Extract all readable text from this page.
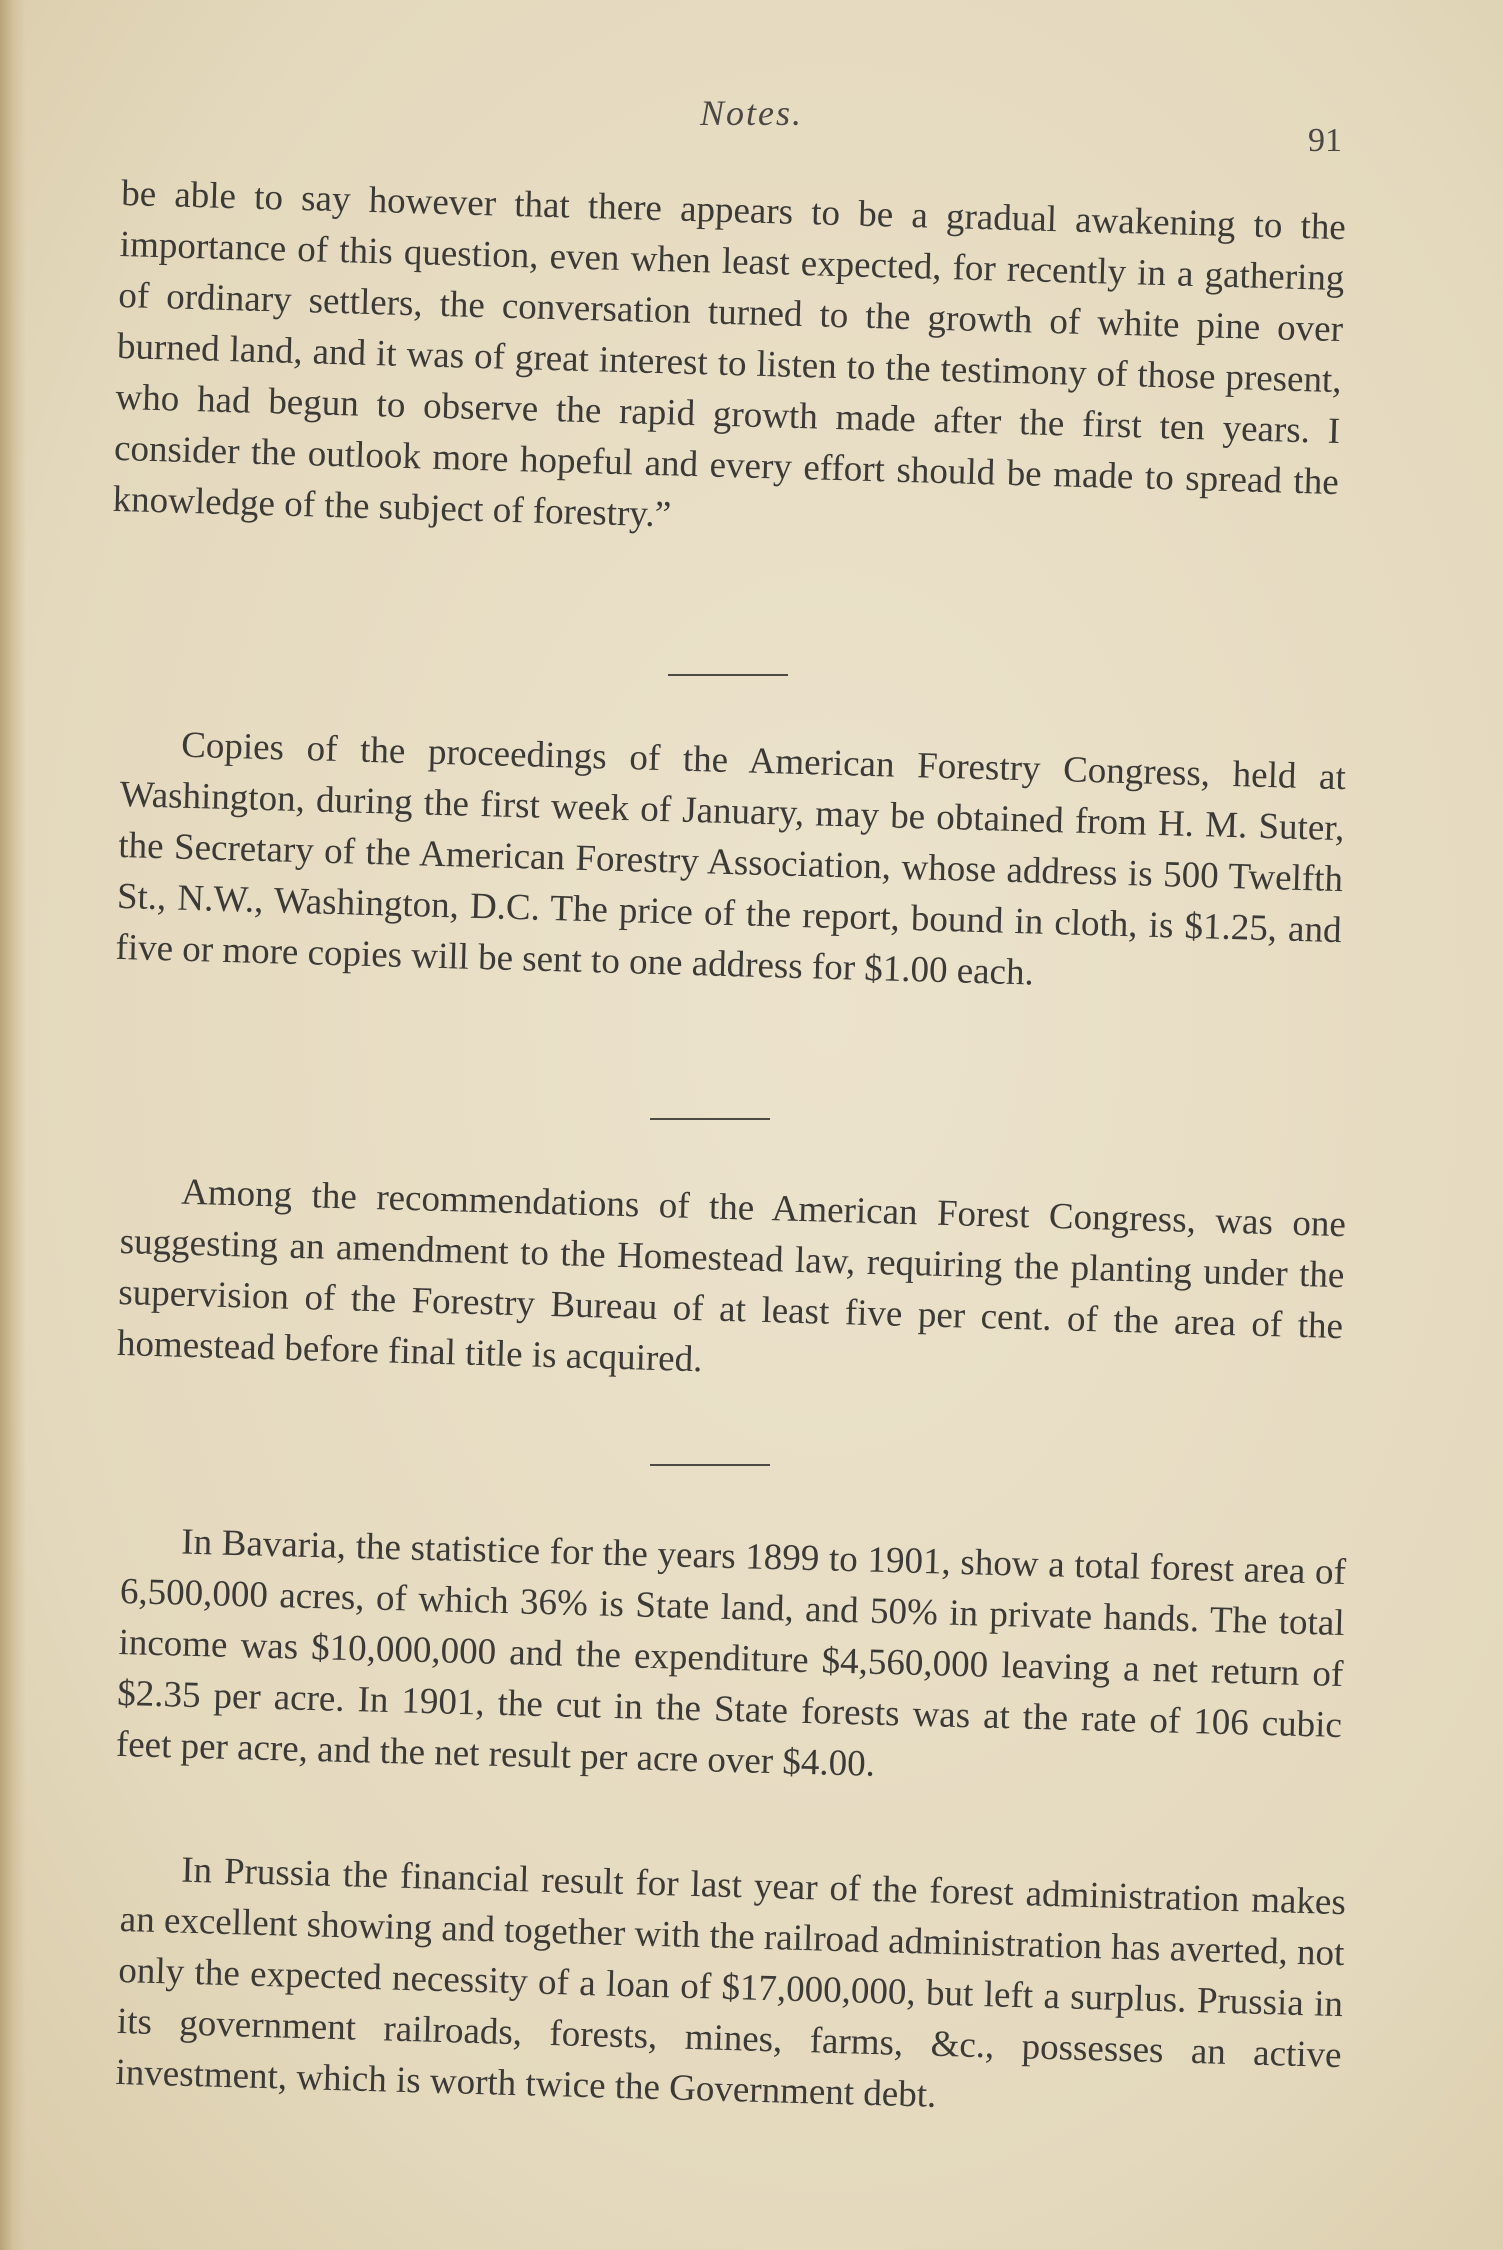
Notes.
91

be able to say however that there appears to be a gradual awakening to the importance of this question, even when least expected, for recently in a gathering of ordinary settlers, the conversation turned to the growth of white pine over burned land, and it was of great interest to listen to the testimony of those present, who had begun to observe the rapid growth made after the first ten years. I consider the outlook more hopeful and every effort should be made to spread the knowledge of the subject of forestry.”

Copies of the proceedings of the American Forestry Congress, held at Washington, during the first week of January, may be obtained from H. M. Suter, the Secretary of the American Forestry Association, whose address is 500 Twelfth St., N.W., Washington, D.C. The price of the report, bound in cloth, is $1.25, and five or more copies will be sent to one address for $1.00 each.

Among the recommendations of the American Forest Congress, was one suggesting an amendment to the Homestead law, requiring the planting under the supervision of the Forestry Bureau of at least five per cent. of the area of the homestead before final title is acquired.

In Bavaria, the statistice for the years 1899 to 1901, show a total forest area of 6,500,000 acres, of which 36% is State land, and 50% in private hands. The total income was $10,000,000 and the expenditure $4,560,000 leaving a net return of $2.35 per acre. In 1901, the cut in the State forests was at the rate of 106 cubic feet per acre, and the net result per acre over $4.00.

In Prussia the financial result for last year of the forest administration makes an excellent showing and together with the railroad administration has averted, not only the expected necessity of a loan of $17,000,000, but left a surplus. Prussia in its government railroads, forests, mines, farms, &c., possesses an active investment, which is worth twice the Government debt.
